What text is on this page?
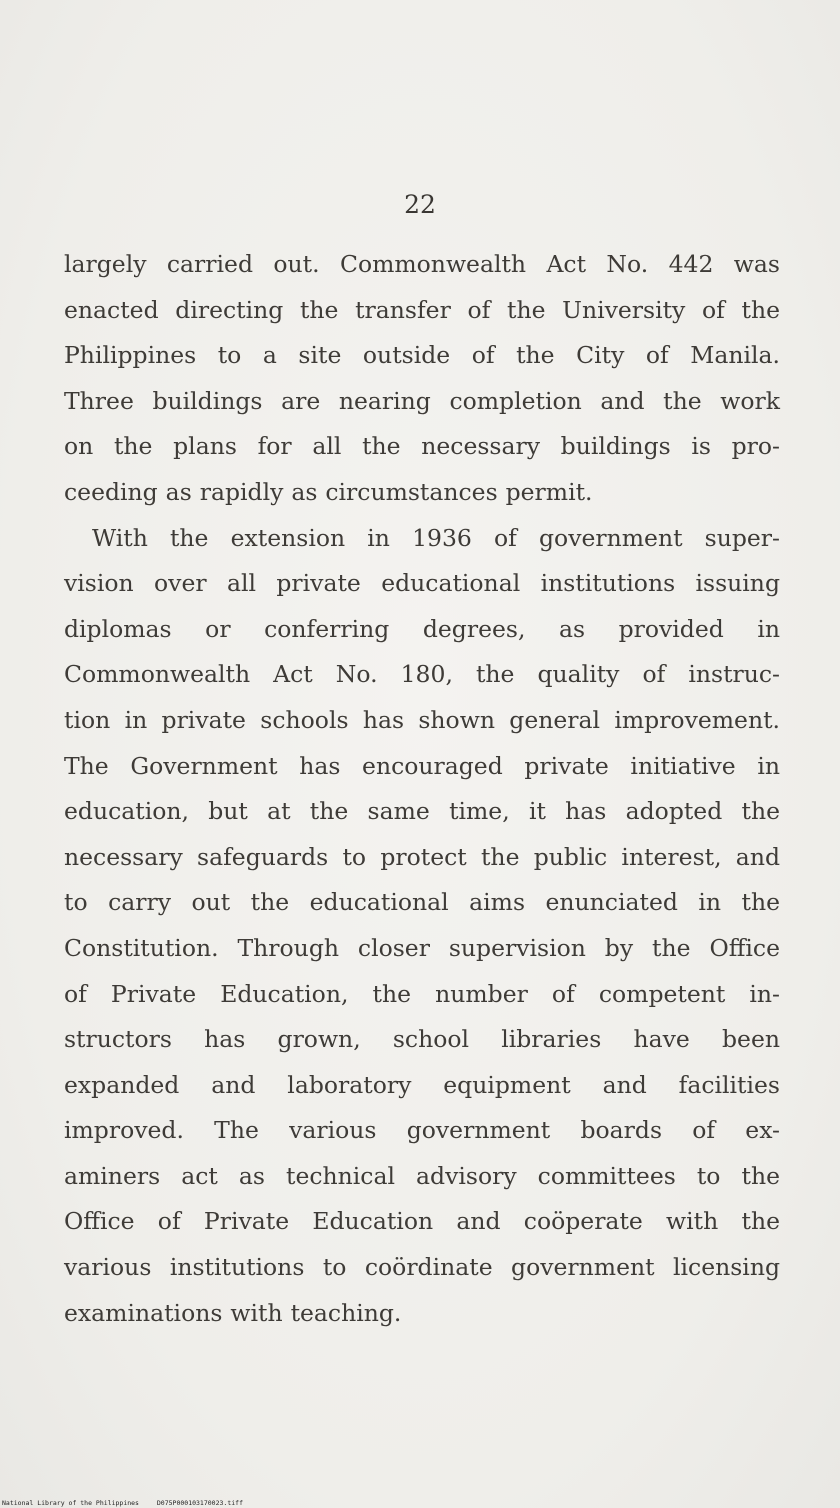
22
largely carried out. Commonwealth Act No. 442 was
enacted directing the transfer of the University of the
Philippines to a site outside of the City of Manila.
Three buildings are nearing completion and the work
on the plans for all the necessary buildings is pro-
ceeding as rapidly as circumstances permit.
With the extension in 1936 of government super-
vision over all private educational institutions issuing
diplomas or conferring degrees, as provided in
Commonwealth Act No. 180, the quality of instruc-
tion in private schools has shown general improvement.
The Government has encouraged private initiative in
education, but at the same time, it has adopted the
necessary safeguards to protect the public interest, and
to carry out the educational aims enunciated in the
Constitution. Through closer supervision by the Office
of Private Education, the number of competent in-
structors has grown, school libraries have been
expanded and laboratory equipment and facilities
improved. The various government boards of ex-
aminers act as technical advisory committees to the
Office of Private Education and coöperate with the
various institutions to coördinate government licensing
examinations with teaching.
National Library of the Philippines	D075P000103170023.tiff
